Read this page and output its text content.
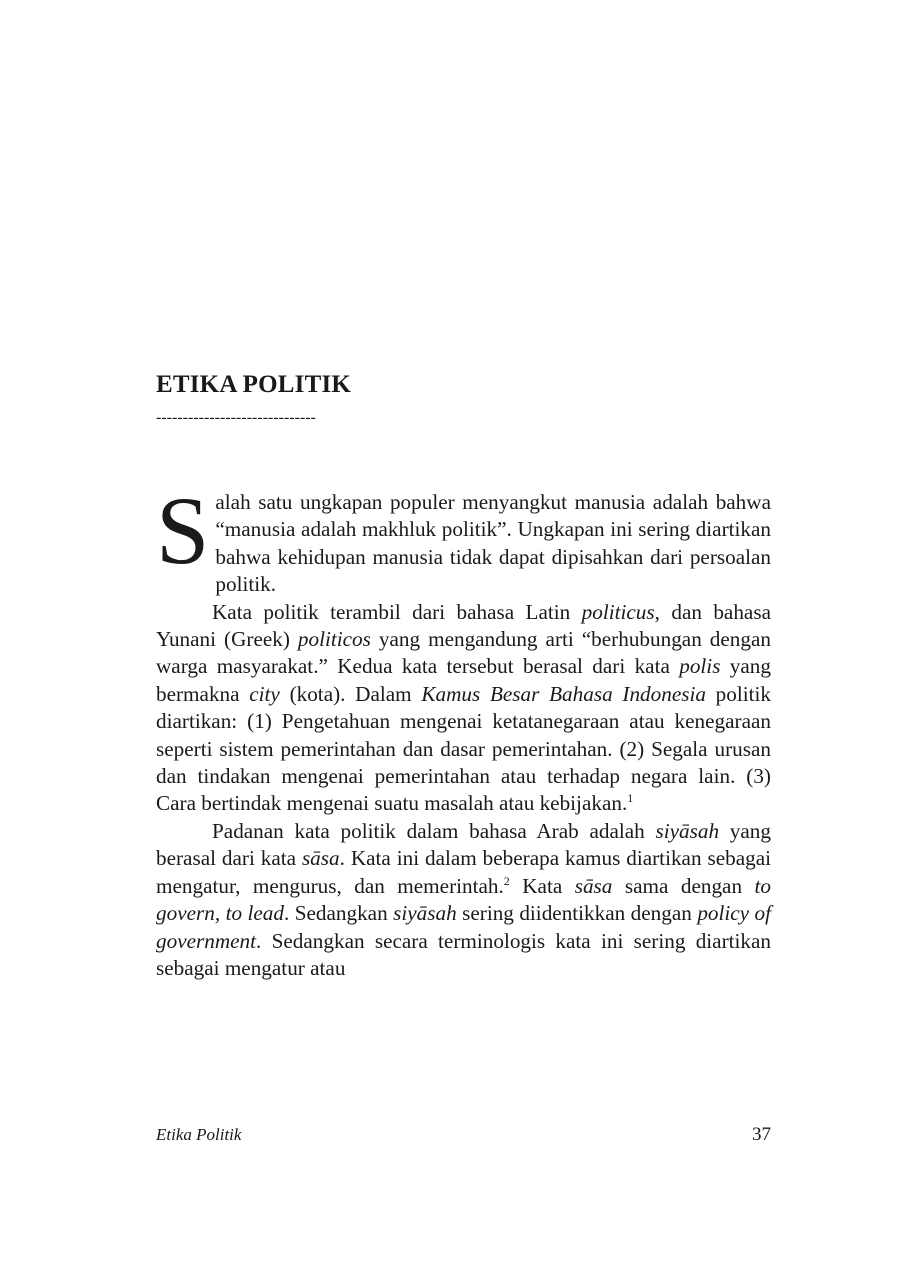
ETIKA POLITIK
------------------------------

Salah satu ungkapan populer menyangkut manusia adalah bahwa “manusia adalah makhluk politik”. Ungkapan ini sering diartikan bahwa kehidupan manusia tidak dapat dipisahkan dari persoalan politik.

Kata politik terambil dari bahasa Latin politicus, dan bahasa Yunani (Greek) politicos yang mengandung arti “berhubungan dengan warga masyarakat.” Kedua kata tersebut berasal dari kata polis yang bermakna city (kota). Dalam Kamus Besar Bahasa Indonesia politik diartikan: (1) Pengetahuan mengenai ketatanegaraan atau kenegaraan seperti sistem pemerintahan dan dasar pemerintahan. (2) Segala urusan dan tindakan mengenai pemerintahan atau terhadap negara lain. (3) Cara bertindak mengenai suatu masalah atau kebijakan.$^1$

Padanan kata politik dalam bahasa Arab adalah siyāsah yang berasal dari kata sāsa. Kata ini dalam beberapa kamus diartikan sebagai mengatur, mengurus, dan memerintah.$^2$ Kata sāsa sama dengan to govern, to lead. Sedangkan siyāsah sering diidentikkan dengan policy of government. Sedangkan secara terminologis kata ini sering diartikan sebagai mengatur atau

Etika Politik	37
